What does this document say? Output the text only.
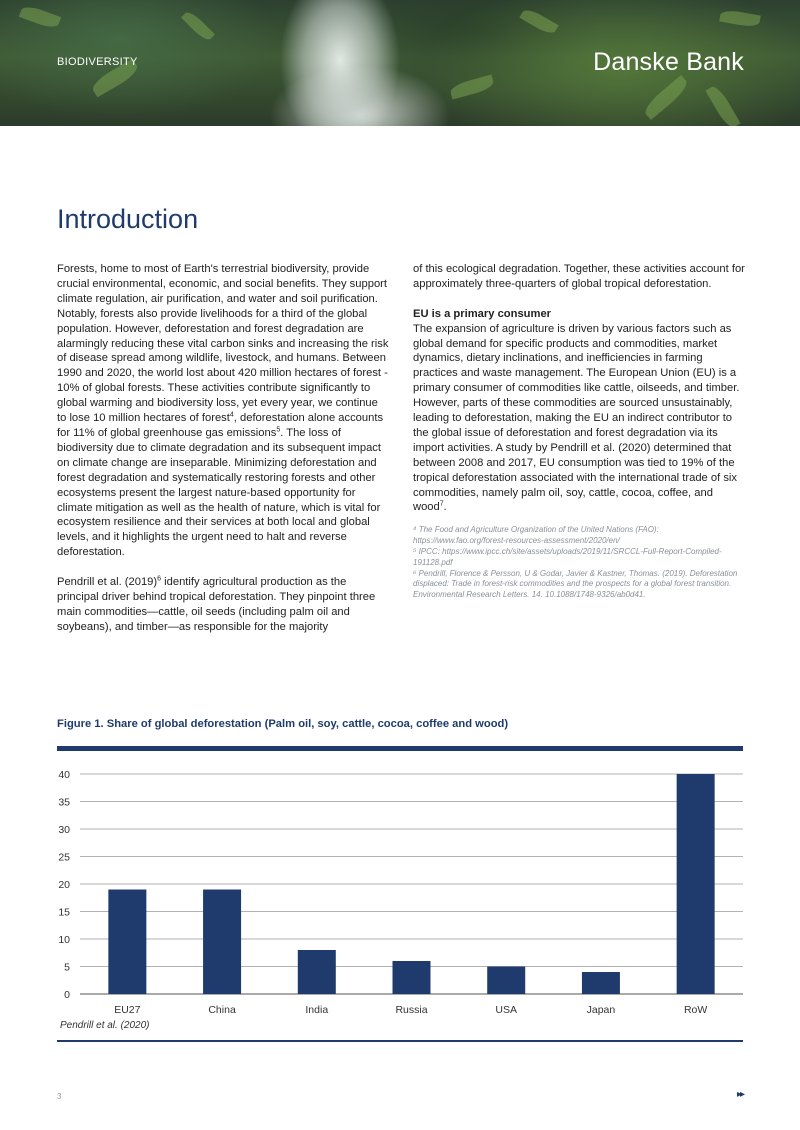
BIODIVERSITY	Danske Bank
Introduction

Forests, home to most of Earth's terrestrial biodiversity, provide crucial environmental, economic, and social benefits. They support climate regulation, air purification, and water and soil purification. Notably, forests also provide livelihoods for a third of the global population. However, deforestation and forest degradation are alarmingly reducing these vital carbon sinks and increasing the risk of disease spread among wildlife, livestock, and humans. Between 1990 and 2020, the world lost about 420 million hectares of forest - 10% of global forests. These activities contribute significantly to global warming and biodiversity loss, yet every year, we continue to lose 10 million hectares of forest$^4$, deforestation alone accounts for 11% of global greenhouse gas emissions$^5$. The loss of biodiversity due to climate degradation and its subsequent impact on climate change are inseparable. Minimizing deforestation and forest degradation and systematically restoring forests and other ecosystems present the largest nature-based opportunity for climate mitigation as well as the health of nature, which is vital for ecosystem resilience and their services at both local and global levels, and it highlights the urgent need to halt and reverse deforestation.

Pendrill et al. $(2019)^6$ identify agricultural production as the principal driver behind tropical deforestation. They pinpoint three main commodities—cattle, oil seeds (including palm oil and soybeans), and timber—as responsible for the majority

of this ecological degradation. Together, these activities account for approximately three-quarters of global tropical deforestation.

EU is a primary consumer

The expansion of agriculture is driven by various factors such as global demand for specific products and commodities, market dynamics, dietary inclinations, and inefficiencies in farming practices and waste management. The European Union (EU) is a primary consumer of commodities like cattle, oilseeds, and timber. However, parts of these commodities are sourced unsustainably, leading to deforestation, making the EU an indirect contributor to the global issue of deforestation and forest degradation via its import activities. A study by Pendrill et al. (2020) determined that between 2008 and 2017, EU consumption was tied to 19% of the tropical deforestation associated with the international trade of six commodities, namely palm oil, soy, cattle, cocoa, coffee, and wood$^7$.

⁴ The Food and Agriculture Organization of the United Nations (FAO): https://www.fao.org/forest-resources-assessment/2020/en/
⁵ IPCC: https://www.ipcc.ch/site/assets/uploads/2019/11/SRCCL-Full-Report-Compiled-191128.pdf
⁶ Pendrill, Florence & Persson, U & Godar, Javier & Kastner, Thomas. (2019). Deforestation displaced: Trade in forest-risk commodities and the prospects for a global forest transition. Environmental Research Letters. 14. 10.1088/1748-9326/ab0d41.
Figure 1. Share of global deforestation (Palm oil, soy, cattle, cocoa, coffee and wood)
0
5
10
15
20
25
30
35
40
EU27	China	India	Russia	USA	Japan	RoW
Pendrill et al. (2020)
3	▸▸
